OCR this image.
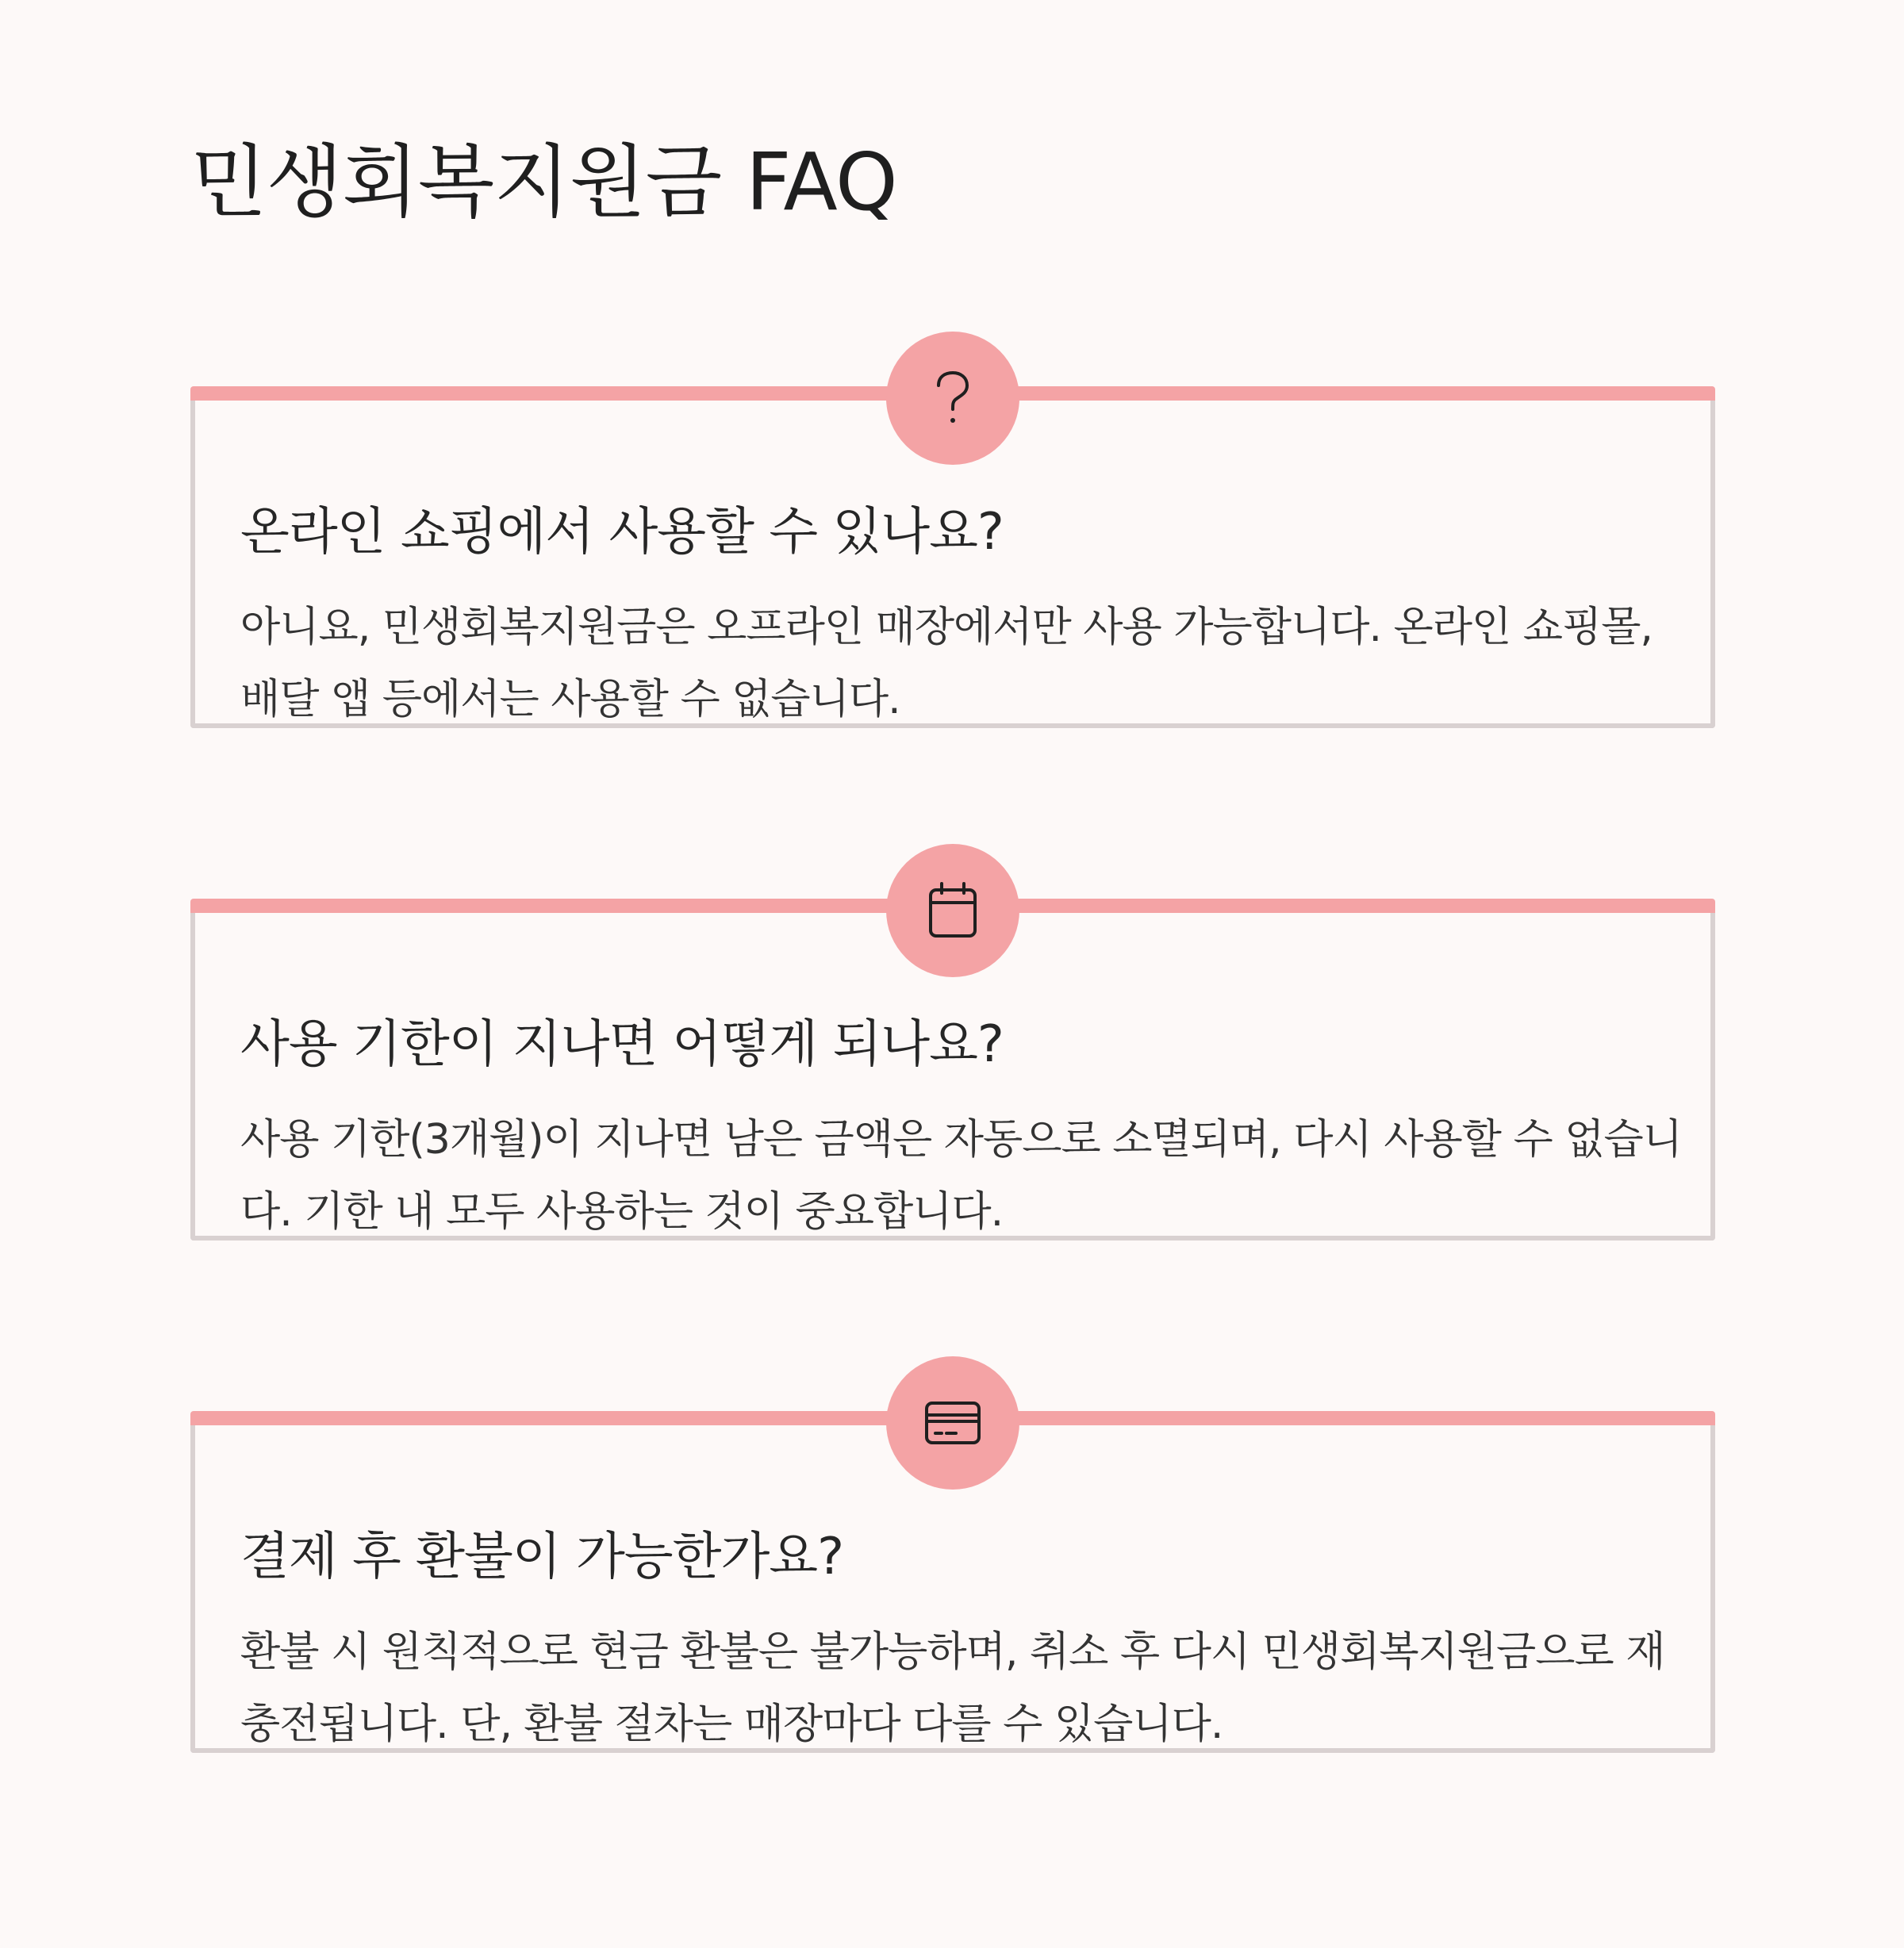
민생회복지원금 FAQ
온라인 쇼핑에서 사용할 수 있나요?

아니요, 민생회복지원금은 오프라인 매장에서만 사용 가능합니다. 온라인 쇼핑몰, 배달 앱 등에서는 사용할 수 없습니다.

사용 기한이 지나면 어떻게 되나요?

사용 기한(3개월)이 지나면 남은 금액은 자동으로 소멸되며, 다시 사용할 수 없습니다. 기한 내 모두 사용하는 것이 중요합니다.

결제 후 환불이 가능한가요?

환불 시 원칙적으로 현금 환불은 불가능하며, 취소 후 다시 민생회복지원금으로 재충전됩니다. 단, 환불 절차는 매장마다 다를 수 있습니다.
